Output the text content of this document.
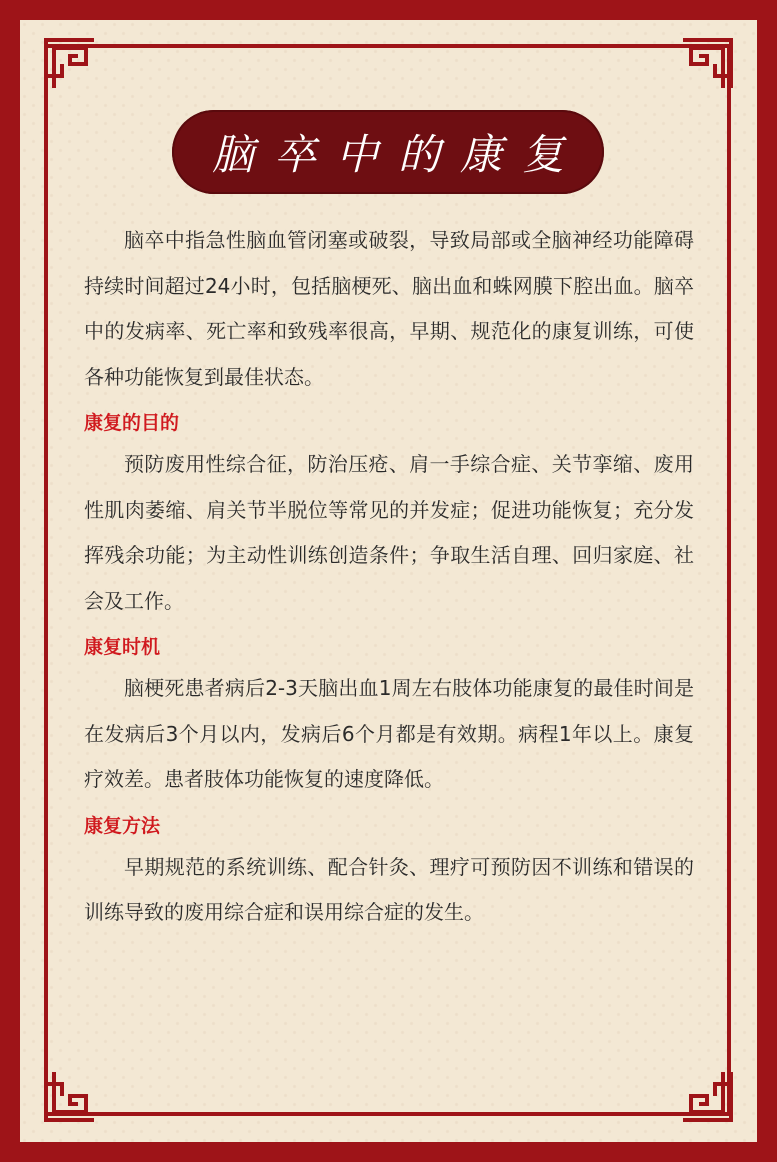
脑卒中的康复

脑卒中指急性脑血管闭塞或破裂，导致局部或全脑神经功能障碍持续时间超过24小时，包括脑梗死、脑出血和蛛网膜下腔出血。脑卒中的发病率、死亡率和致残率很高，早期、规范化的康复训练，可使各种功能恢复到最佳状态。

康复的目的

预防废用性综合征，防治压疮、肩一手综合症、关节挛缩、废用性肌肉萎缩、肩关节半脱位等常见的并发症；促进功能恢复；充分发挥残余功能；为主动性训练创造条件；争取生活自理、回归家庭、社会及工作。

康复时机

脑梗死患者病后2-3天脑出血1周左右肢体功能康复的最佳时间是在发病后3个月以内，发病后6个月都是有效期。病程1年以上。康复疗效差。患者肢体功能恢复的速度降低。

康复方法

早期规范的系统训练、配合针灸、理疗可预防因不训练和错误的训练导致的废用综合症和误用综合症的发生。
